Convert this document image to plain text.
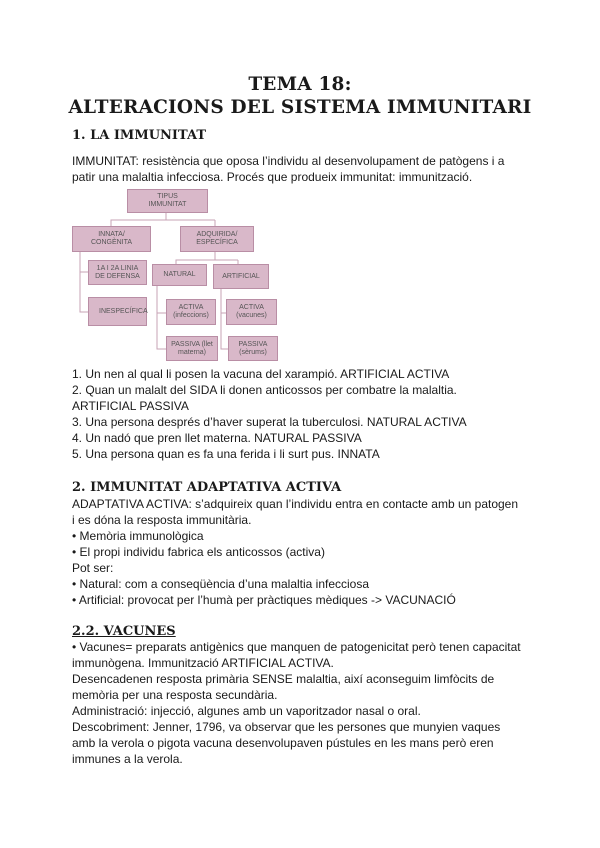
TEMA 18:
ALTERACIONS DEL SISTEMA IMMUNITARI
1. LA IMMUNITAT
IMMUNITAT: resistència que oposa l’individu al desenvolupament de patògens i a
patir una malaltia infecciosa. Procés que produeix immunitat: immunització.
TIPUS
IMMUNITAT
INNATA/
CONGÈNITA
ADQUIRIDA/
ESPECÍFICA
1A I 2A LINIA
DE DEFENSA
INESPECÍFICA
NATURAL	ARTIFICIAL
ACTIVA
(infeccions)
ACTIVA
(vacunes)
PASSIVA (llet
materna)
PASSIVA
(sèrums)
1. Un nen al qual li posen la vacuna del xarampió. ARTIFICIAL ACTIVA
2. Quan un malalt del SIDA li donen anticossos per combatre la malaltia.
ARTIFICIAL PASSIVA
3. Una persona després d’haver superat la tuberculosi. NATURAL ACTIVA
4. Un nadó que pren llet materna. NATURAL PASSIVA
5. Una persona quan es fa una ferida i li surt pus. INNATA
2. IMMUNITAT ADAPTATIVA ACTIVA
ADAPTATIVA ACTIVA: s’adquireix quan l’individu entra en contacte amb un patogen
i es dóna la resposta immunitària.
• Memòria immunològica
• El propi individu fabrica els anticossos (activa)
Pot ser:
• Natural: com a conseqüència d’una malaltia infecciosa
• Artificial: provocat per l’humà per pràctiques mèdiques -> VACUNACIÓ
2.2. VACUNES
• Vacunes= preparats antigènics que manquen de patogenicitat però tenen capacitat
immunògena. Immunització ARTIFICIAL ACTIVA.
Desencadenen resposta primària SENSE malaltia, així aconseguim limfòcits de
memòria per una resposta secundària.
Administració: injecció, algunes amb un vaporitzador nasal o oral.
Descobriment: Jenner, 1796, va observar que les persones que munyien vaques
amb la verola o pigota vacuna desenvolupaven pústules en les mans però eren
immunes a la verola.
